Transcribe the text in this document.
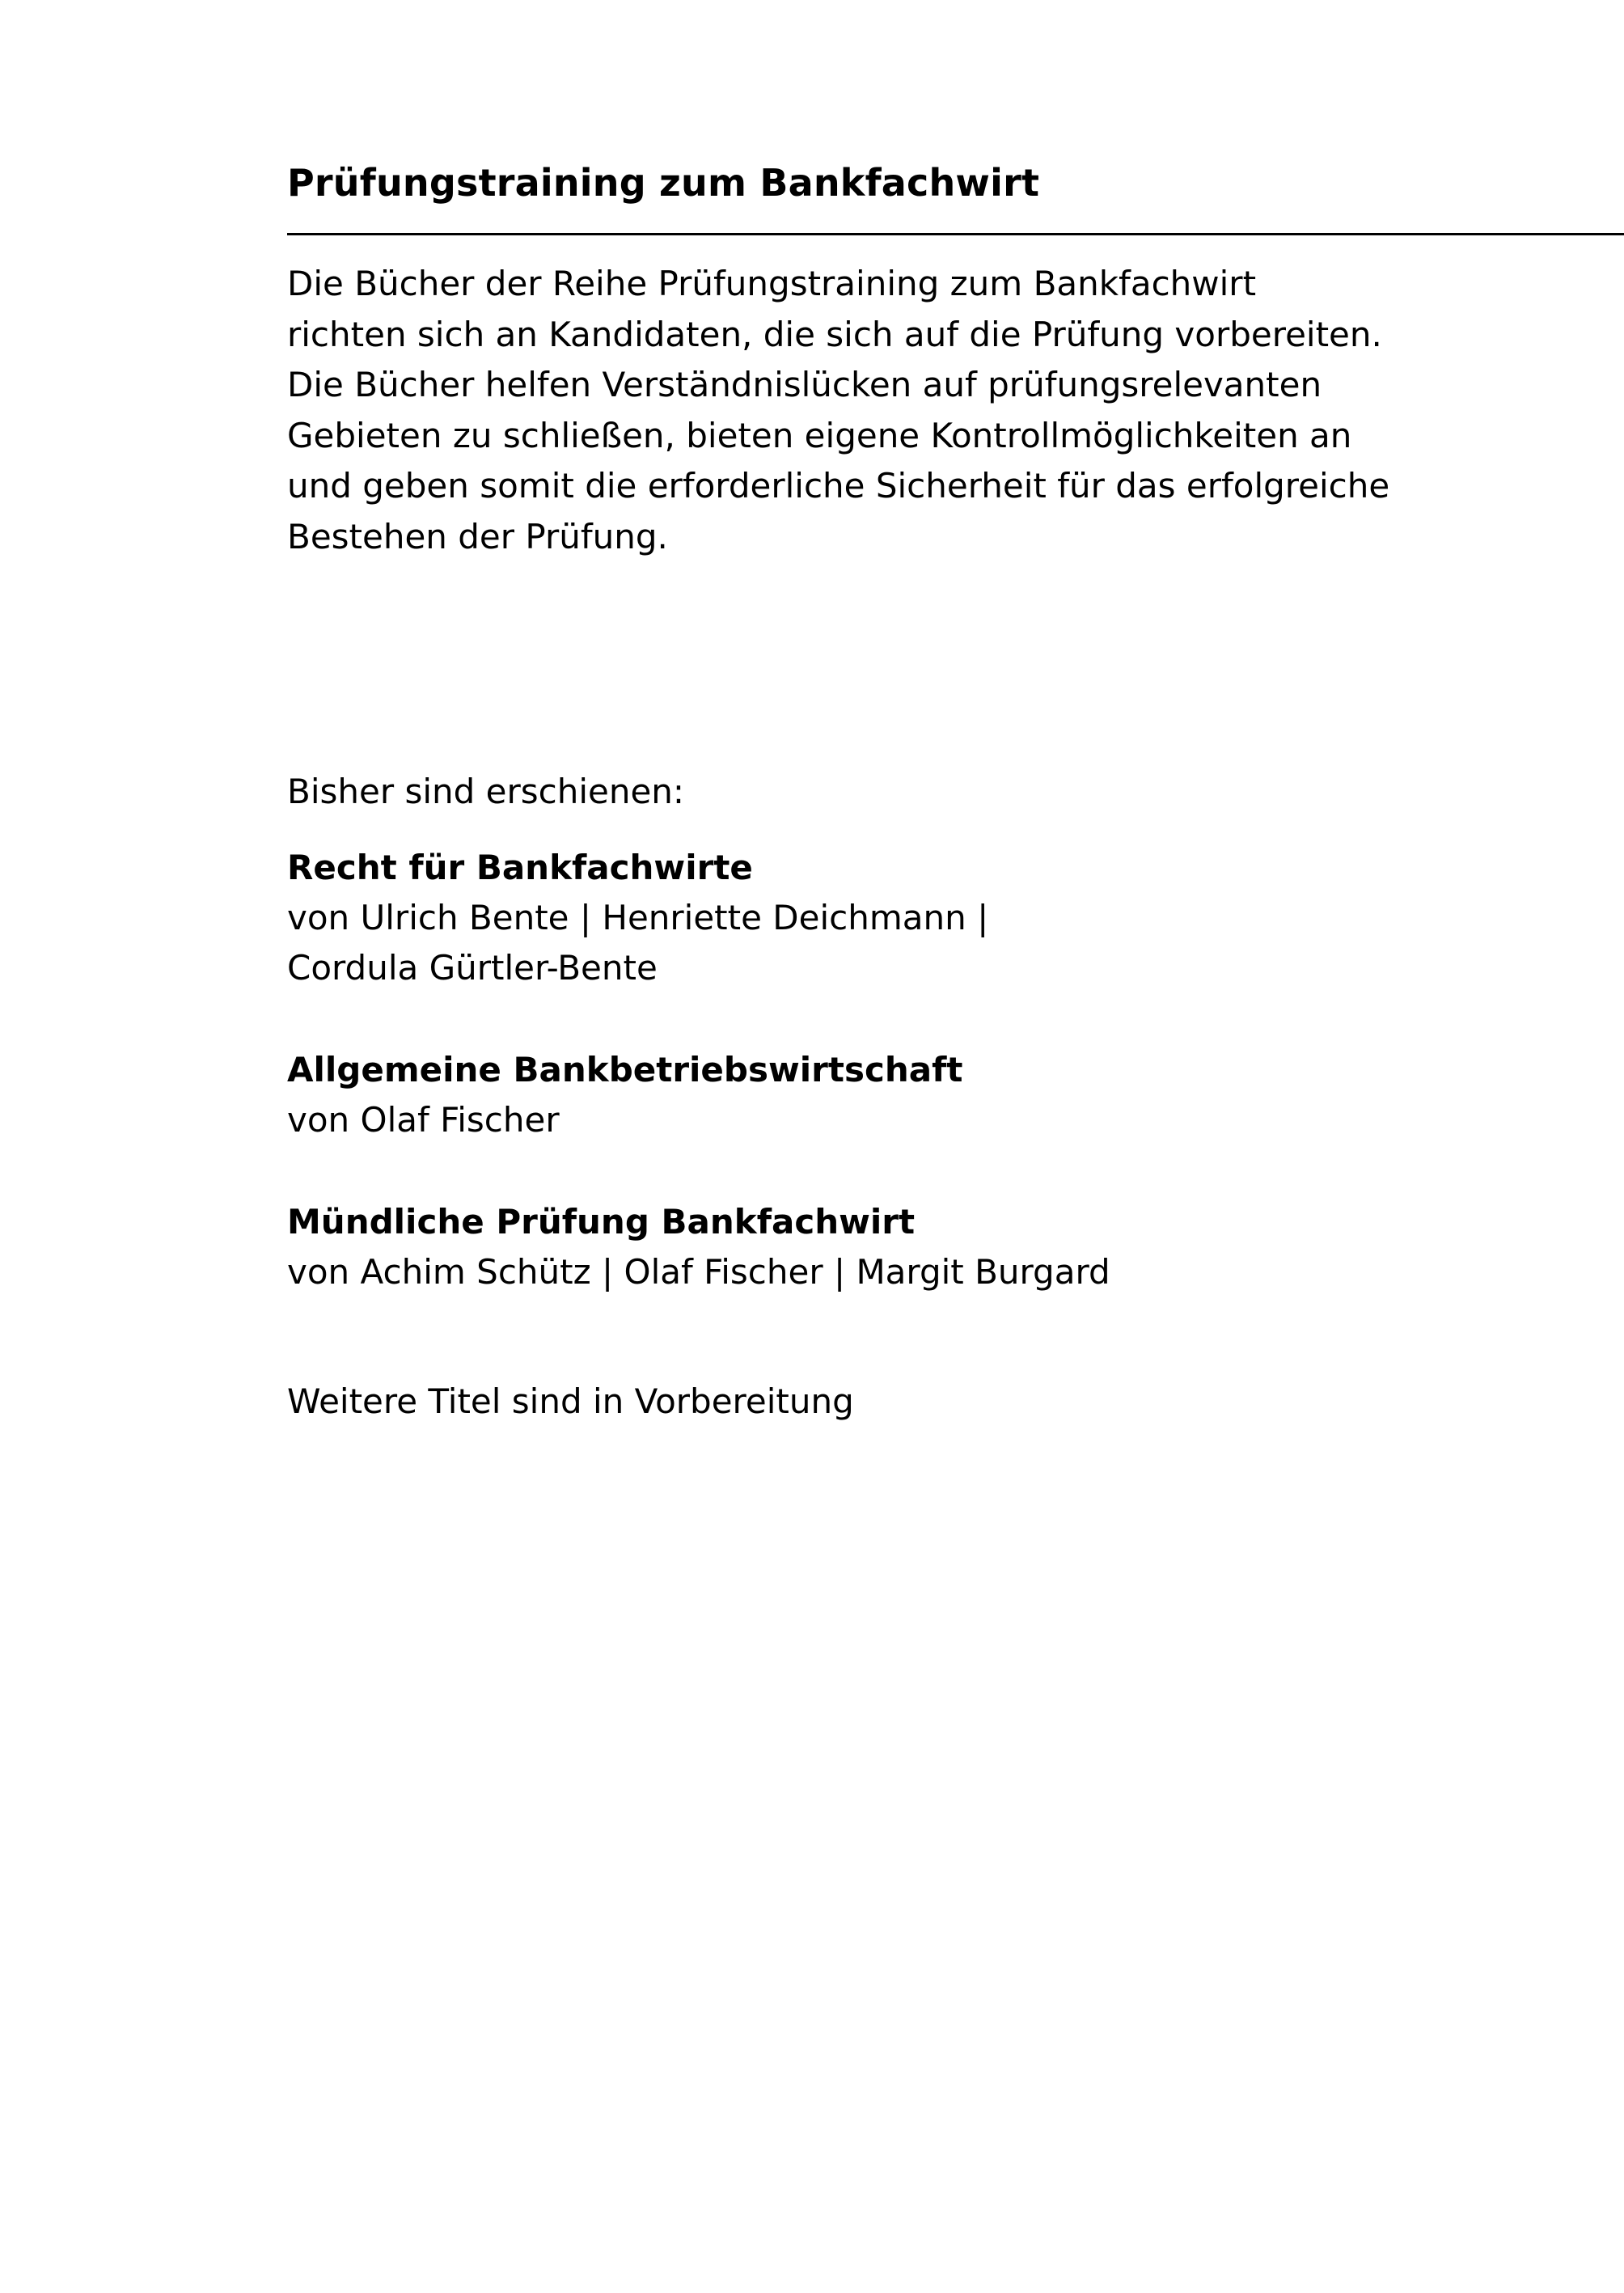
Prüfungstraining zum Bankfachwirt
Die Bücher der Reihe Prüfungstraining zum Bankfachwirt
richten sich an Kandidaten, die sich auf die Prüfung vorbereiten.
Die Bücher helfen Verständnislücken auf prüfungsrelevanten
Gebieten zu schließen, bieten eigene Kontrollmöglichkeiten an
und geben somit die erforderliche Sicherheit für das erfolgreiche
Bestehen der Prüfung.

Bisher sind erschienen:

Recht für Bankfachwirte
von Ulrich Bente | Henriette Deichmann |
Cordula Gürtler-Bente
Allgemeine Bankbetriebswirtschaft
von Olaf Fischer
Mündliche Prüfung Bankfachwirt
von Achim Schütz | Olaf Fischer | Margit Burgard

Weitere Titel sind in Vorbereitung
